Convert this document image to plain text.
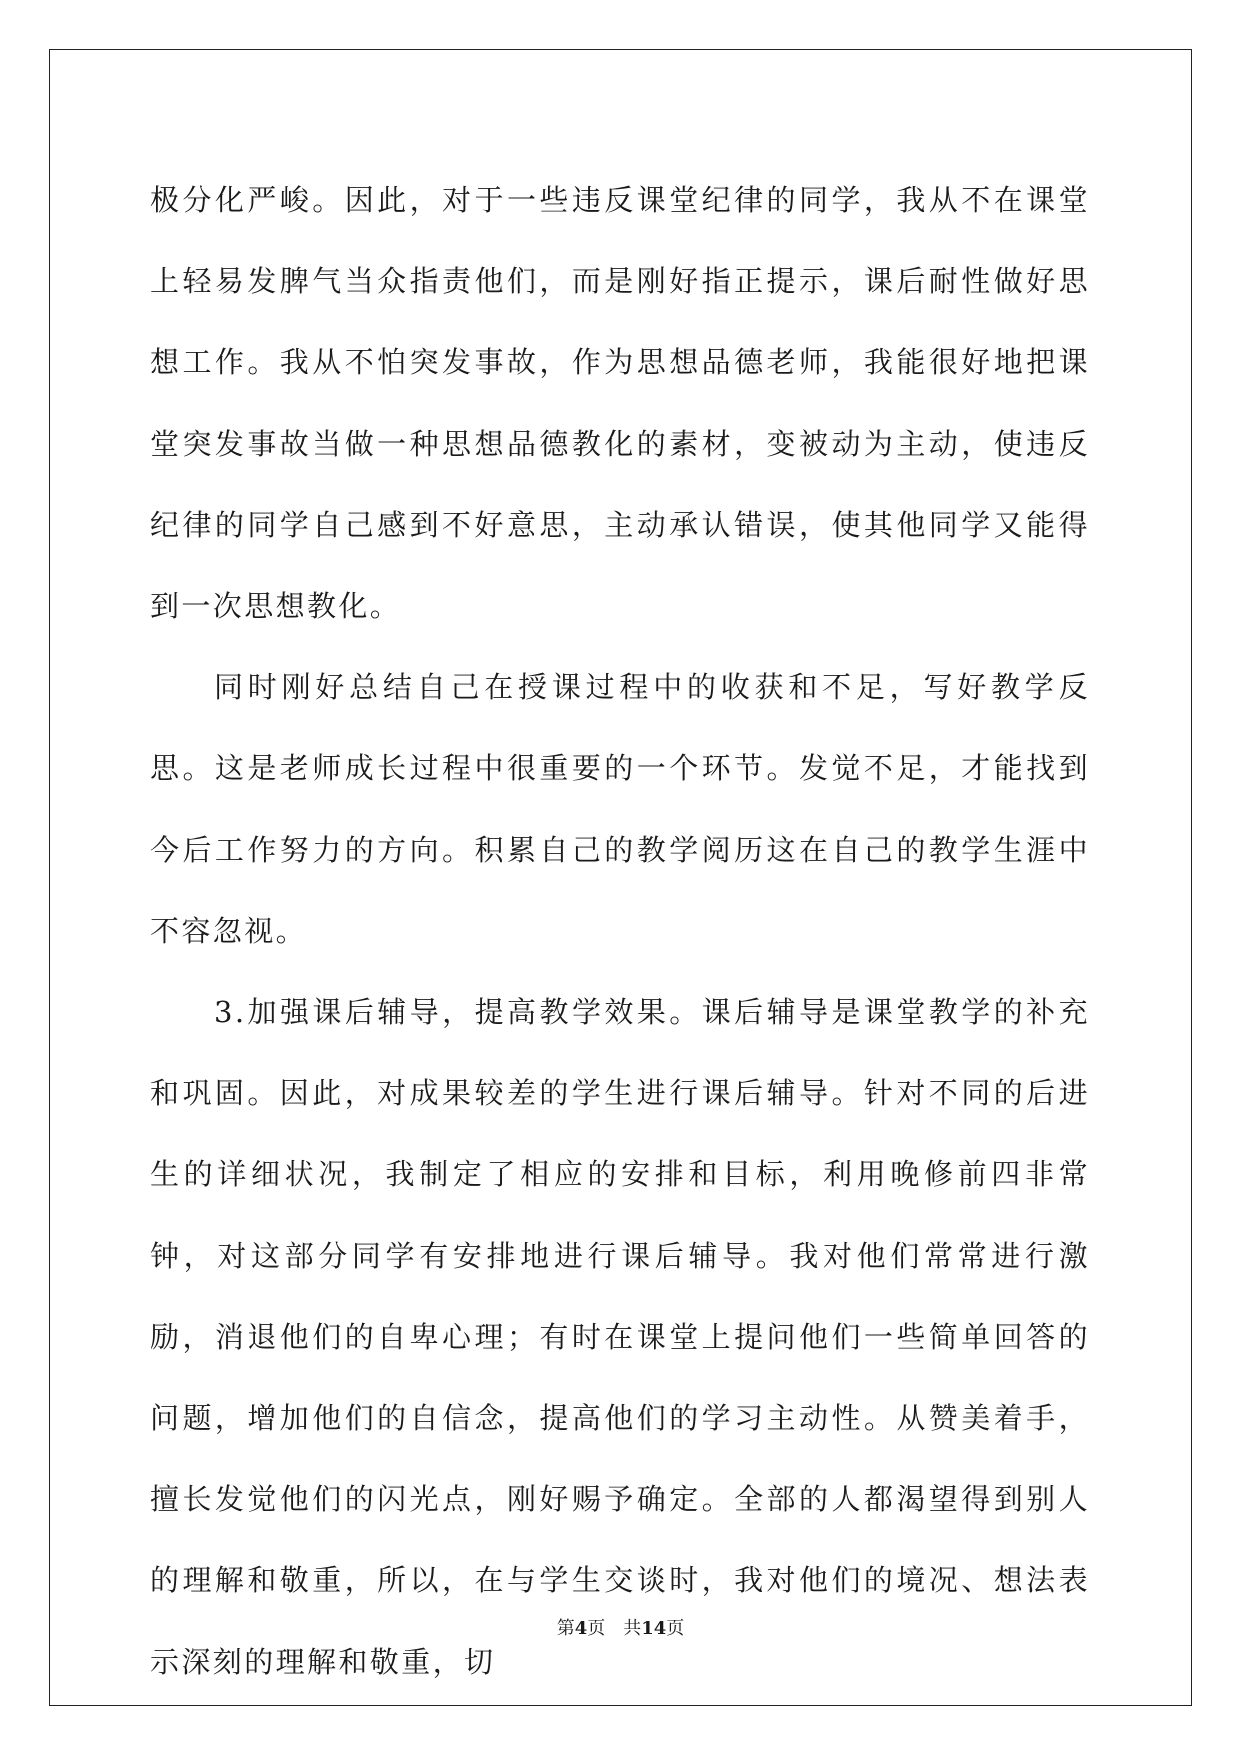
极分化严峻。因此，对于一些违反课堂纪律的同学，我从不在课堂上轻易发脾气当众指责他们，而是刚好指正提示，课后耐性做好思想工作。我从不怕突发事故，作为思想品德老师，我能很好地把课堂突发事故当做一种思想品德教化的素材，变被动为主动，使违反纪律的同学自己感到不好意思，主动承认错误，使其他同学又能得到一次思想教化。

同时刚好总结自己在授课过程中的收获和不足，写好教学反思。这是老师成长过程中很重要的一个环节。发觉不足，才能找到今后工作努力的方向。积累自己的教学阅历这在自己的教学生涯中不容忽视。

3.加强课后辅导，提高教学效果。课后辅导是课堂教学的补充和巩固。因此，对成果较差的学生进行课后辅导。针对不同的后进生的详细状况，我制定了相应的安排和目标，利用晚修前四非常钟，对这部分同学有安排地进行课后辅导。我对他们常常进行激励，消退他们的自卑心理；有时在课堂上提问他们一些简单回答的问题，增加他们的自信念，提高他们的学习主动性。从赞美着手，擅长发觉他们的闪光点，刚好赐予确定。全部的人都渴望得到别人的理解和敬重，所以，在与学生交谈时，我对他们的境况、想法表示深刻的理解和敬重，切

第4页 共14页
